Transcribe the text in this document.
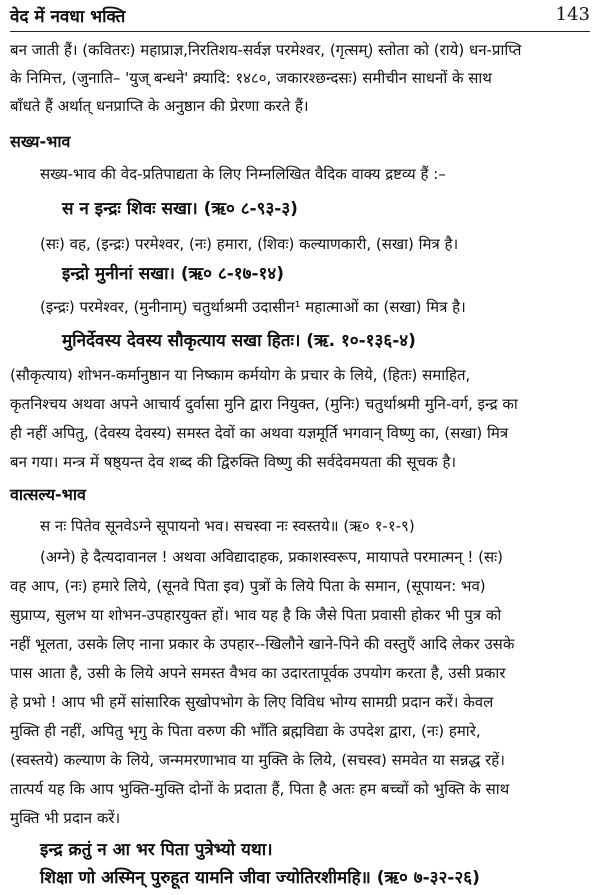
वेद में नवधा भक्ति	143
बन जाती हैं। (कवितरः) महाप्राज्ञ,निरतिशय-सर्वज्ञ परमेश्वर, (गृत्सम्) स्तोता को (राये) धन-प्राप्ति
के निमित्त, (जुनाति– 'युज् बन्धने' क्र्यादि: १४८०, जकारश्छन्दसः) समीचीन साधनों के साथ
बाँधते हैं अर्थात् धनप्राप्ति के अनुष्ठान की प्रेरणा करते हैं।
सख्य-भाव
सख्य-भाव की वेद-प्रतिपाद्यता के लिए निम्नलिखित वैदिक वाक्य द्रष्टव्य हैं :–
स न इन्द्रः शिवः सखा। (ऋ० ८-९३-३)
(सः) वह, (इन्द्रः) परमेश्वर, (नः) हमारा, (शिवः) कल्याणकारी, (सखा) मित्र है।
इन्द्रो मुनीनां सखा। (ऋ० ८-१७-१४)
(इन्द्रः) परमेश्वर, (मुनीनाम्) चतुर्थाश्रमी उदासीन¹ महात्माओं का (सखा) मित्र है।
मुनिर्देवस्य देवस्य सौकृत्याय सखा हितः। (ऋ. १०-१३६-४)
(सौकृत्याय) शोभन-कर्मानुष्ठान या निष्काम कर्मयोग के प्रचार के लिये, (हितः) समाहित,
कृतनिश्चय अथवा अपने आचार्य दुर्वासा मुनि द्वारा नियुक्त, (मुनिः) चतुर्थाश्रमी मुनि-वर्ग, इन्द्र का
ही नहीं अपितु, (देवस्य देवस्य) समस्त देवों का अथवा यज्ञमूर्ति भगवान् विष्णु का, (सखा) मित्र
बन गया। मन्त्र में षष्ठ्यन्त देव शब्द की द्विरुक्ति विष्णु की सर्वदेवमयता की सूचक है।
वात्सल्य-भाव
स नः पितेव सूनवेऽग्ने सूपायनो भव। सचस्वा नः स्वस्तये॥ (ऋ० १-१-९)
(अग्ने) हे दैत्यदावानल ! अथवा अविद्यादाहक, प्रकाशस्वरूप, मायापते परमात्मन् ! (सः)
वह आप, (नः) हमारे लिये, (सूनवे पिता इव) पुत्रों के लिये पिता के समान, (सूपायन: भव)
सुप्राप्य, सुलभ या शोभन-उपहारयुक्त हों। भाव यह है कि जैसे पिता प्रवासी होकर भी पुत्र को
नहीं भूलता, उसके लिए नाना प्रकार के उपहार--खिलौने खाने-पिने की वस्तुएँ आदि लेकर उसके
पास आता है, उसी के लिये अपने समस्त वैभव का उदारतापूर्वक उपयोग करता है, उसी प्रकार
हे प्रभो ! आप भी हमें सांसारिक सुखोपभोग के लिए विविध भोग्य सामग्री प्रदान करें। केवल
मुक्ति ही नहीं, अपितु भृगु के पिता वरुण की भाँति ब्रह्मविद्या के उपदेश द्वारा, (नः) हमारे,
(स्वस्तये) कल्याण के लिये, जन्ममरणाभाव या मुक्ति के लिये, (सचस्व) समवेत या सन्नद्ध रहें।
तात्पर्य यह कि आप भुक्ति-मुक्ति दोनों के प्रदाता हैं, पिता है अतः हम बच्चों को भुक्ति के साथ
मुक्ति भी प्रदान करें।
इन्द्र क्रतुं न आ भर पिता पुत्रेभ्यो यथा।
शिक्षा णो अस्मिन् पुरुहूत यामनि जीवा ज्योतिरशीमहि॥ (ऋ० ७-३२-२६)
